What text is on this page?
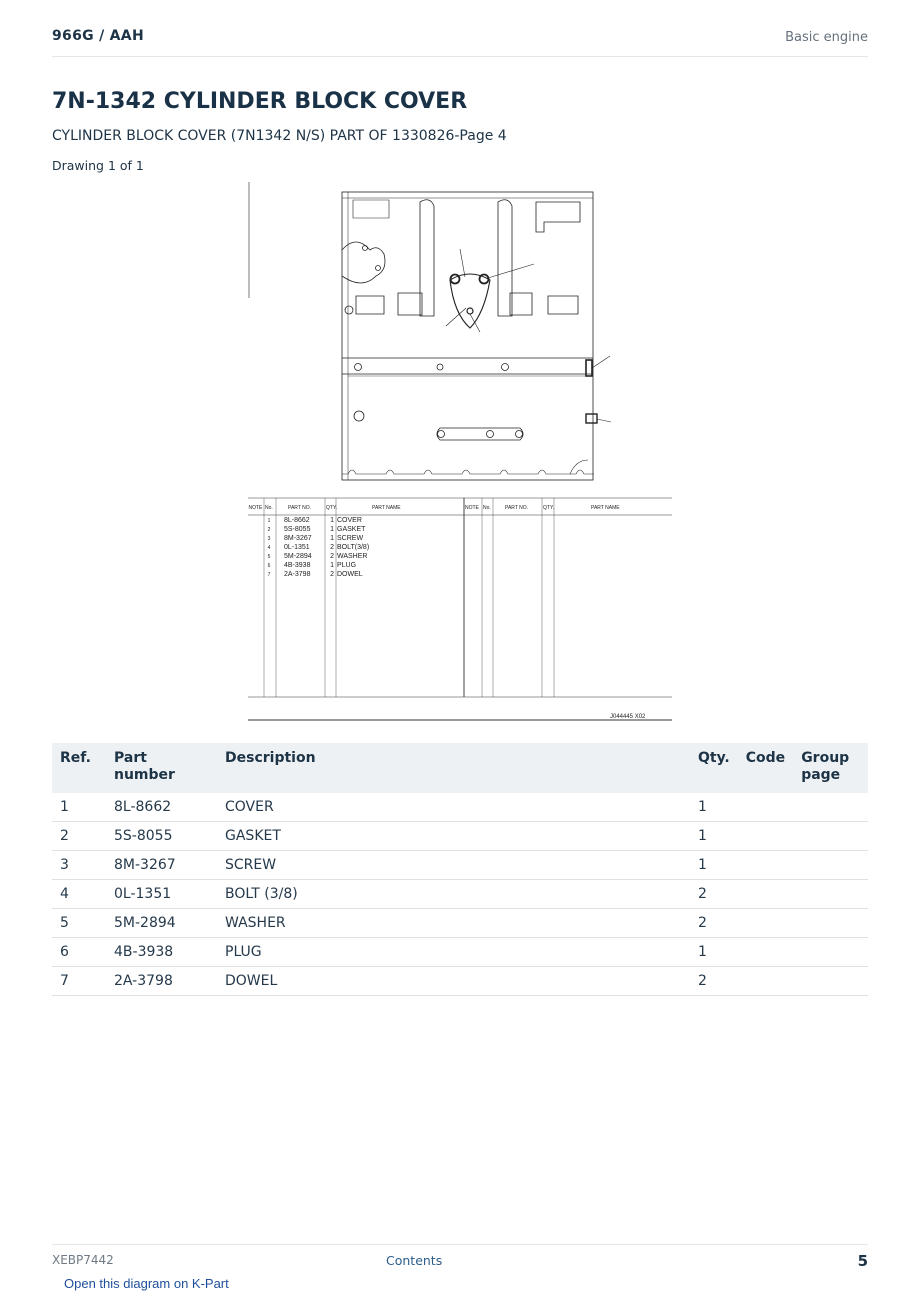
966G / AAH	Basic engine
7N-1342 CYLINDER BLOCK COVER
CYLINDER BLOCK COVER (7N1342 N/S) PART OF 1330826-Page 4
Drawing 1 of 1
NOTE No.	PART NO.	QTY.	PART NAME	NOTE No.	PART NO.	QTY.	PART NAME
1 8L-8662	1 COVER
2 5S-8055	1 GASKET
3 8M-3267	1 SCREW
4 0L-1351	2 BOLT(3/8)
5 5M-2894	2 WASHER
6 4B-3938	1 PLUG
7 2A-3798	2 DOWEL
J044445 X02
Ref.	Part number	Description	Qty.	Code	Group page
1	8L-8662	COVER	1		
2	5S-8055	GASKET	1		
3	8M-3267	SCREW	1		
4	0L-1351	BOLT (3/8)	2		
5	5M-2894	WASHER	2		
6	4B-3938	PLUG	1		
7	2A-3798	DOWEL	2		
XEBP7442	Contents	5
Open this diagram on K-Part
